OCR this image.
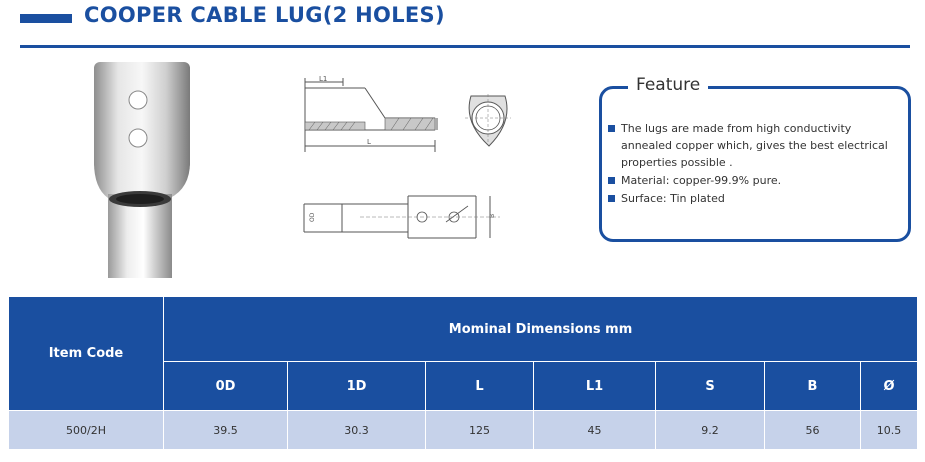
COOPER CABLE LUG(2 HOLES)
L1
L
OD	B
Feature
The lugs are made from high conductivity annealed copper which, gives the best electrical properties possible .
Material: copper-99.9% pure.
Surface: Tin plated
Item Code	Mominal Dimensions mm						
	0D	1D	L	L1	S	B	Ø
500/2H	39.5	30.3	125	45	9.2	56	10.5
